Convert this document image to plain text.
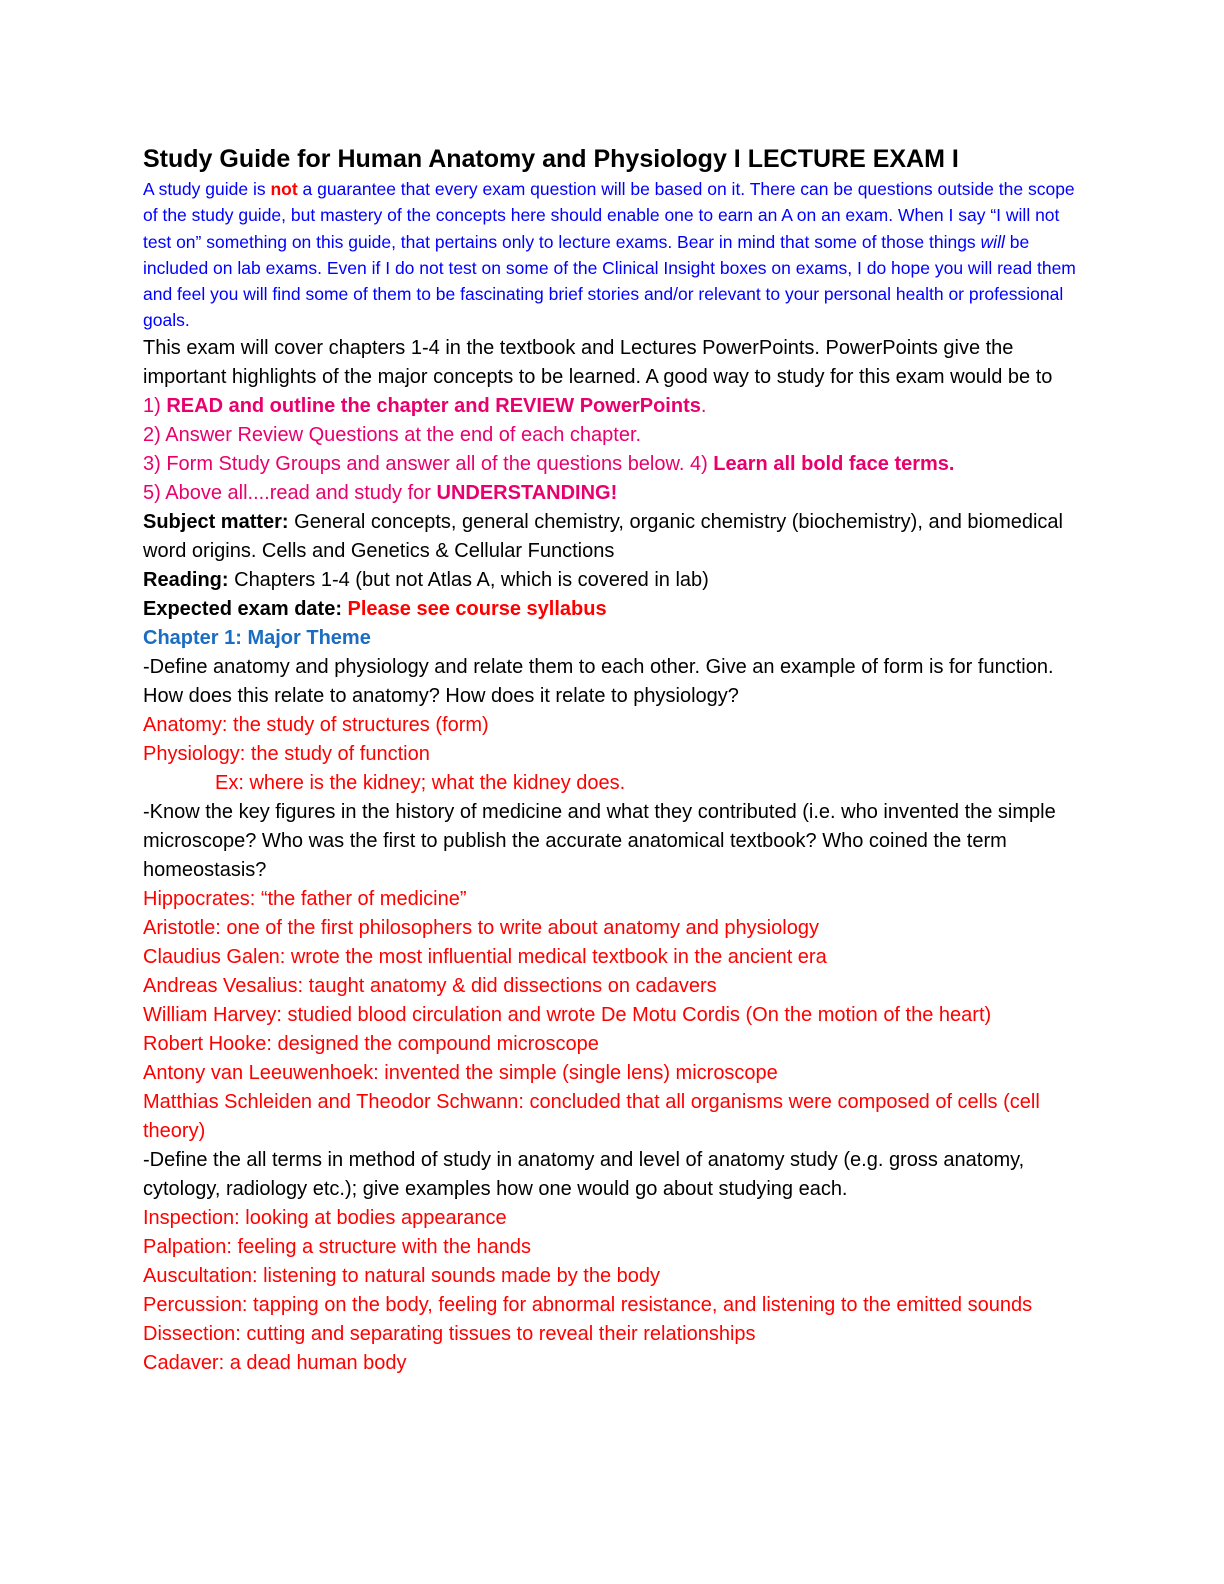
Study Guide for Human Anatomy and Physiology I LECTURE EXAM I

A study guide is not a guarantee that every exam question will be based on it. There can be questions outside the scope of the study guide, but mastery of the concepts here should enable one to earn an A on an exam. When I say “I will not test on” something on this guide, that pertains only to lecture exams. Bear in mind that some of those things will be included on lab exams. Even if I do not test on some of the Clinical Insight boxes on exams, I do hope you will read them and feel you will find some of them to be fascinating brief stories and/or relevant to your personal health or professional goals.

This exam will cover chapters 1-4 in the textbook and Lectures PowerPoints. PowerPoints give the important highlights of the major concepts to be learned. A good way to study for this exam would be to

1) READ and outline the chapter and REVIEW PowerPoints.

2) Answer Review Questions at the end of each chapter.

3) Form Study Groups and answer all of the questions below. 4) Learn all bold face terms.

5) Above all....read and study for UNDERSTANDING!

Subject matter: General concepts, general chemistry, organic chemistry (biochemistry), and biomedical word origins. Cells and Genetics & Cellular Functions

Reading: Chapters 1-4 (but not Atlas A, which is covered in lab)

Expected exam date: Please see course syllabus

Chapter 1: Major Theme

-Define anatomy and physiology and relate them to each other. Give an example of form is for function. How does this relate to anatomy? How does it relate to physiology?

Anatomy: the study of structures (form)

Physiology: the study of function

Ex: where is the kidney; what the kidney does.

-Know the key figures in the history of medicine and what they contributed (i.e. who invented the simple microscope? Who was the first to publish the accurate anatomical textbook? Who coined the term homeostasis?

Hippocrates: “the father of medicine”

Aristotle: one of the first philosophers to write about anatomy and physiology

Claudius Galen: wrote the most influential medical textbook in the ancient era

Andreas Vesalius: taught anatomy & did dissections on cadavers

William Harvey: studied blood circulation and wrote De Motu Cordis (On the motion of the heart)

Robert Hooke: designed the compound microscope

Antony van Leeuwenhoek: invented the simple (single lens) microscope

Matthias Schleiden and Theodor Schwann: concluded that all organisms were composed of cells (cell theory)

-Define the all terms in method of study in anatomy and level of anatomy study (e.g. gross anatomy, cytology, radiology etc.); give examples how one would go about studying each.

Inspection: looking at bodies appearance

Palpation: feeling a structure with the hands

Auscultation: listening to natural sounds made by the body

Percussion: tapping on the body, feeling for abnormal resistance, and listening to the emitted sounds

Dissection: cutting and separating tissues to reveal their relationships

Cadaver: a dead human body
